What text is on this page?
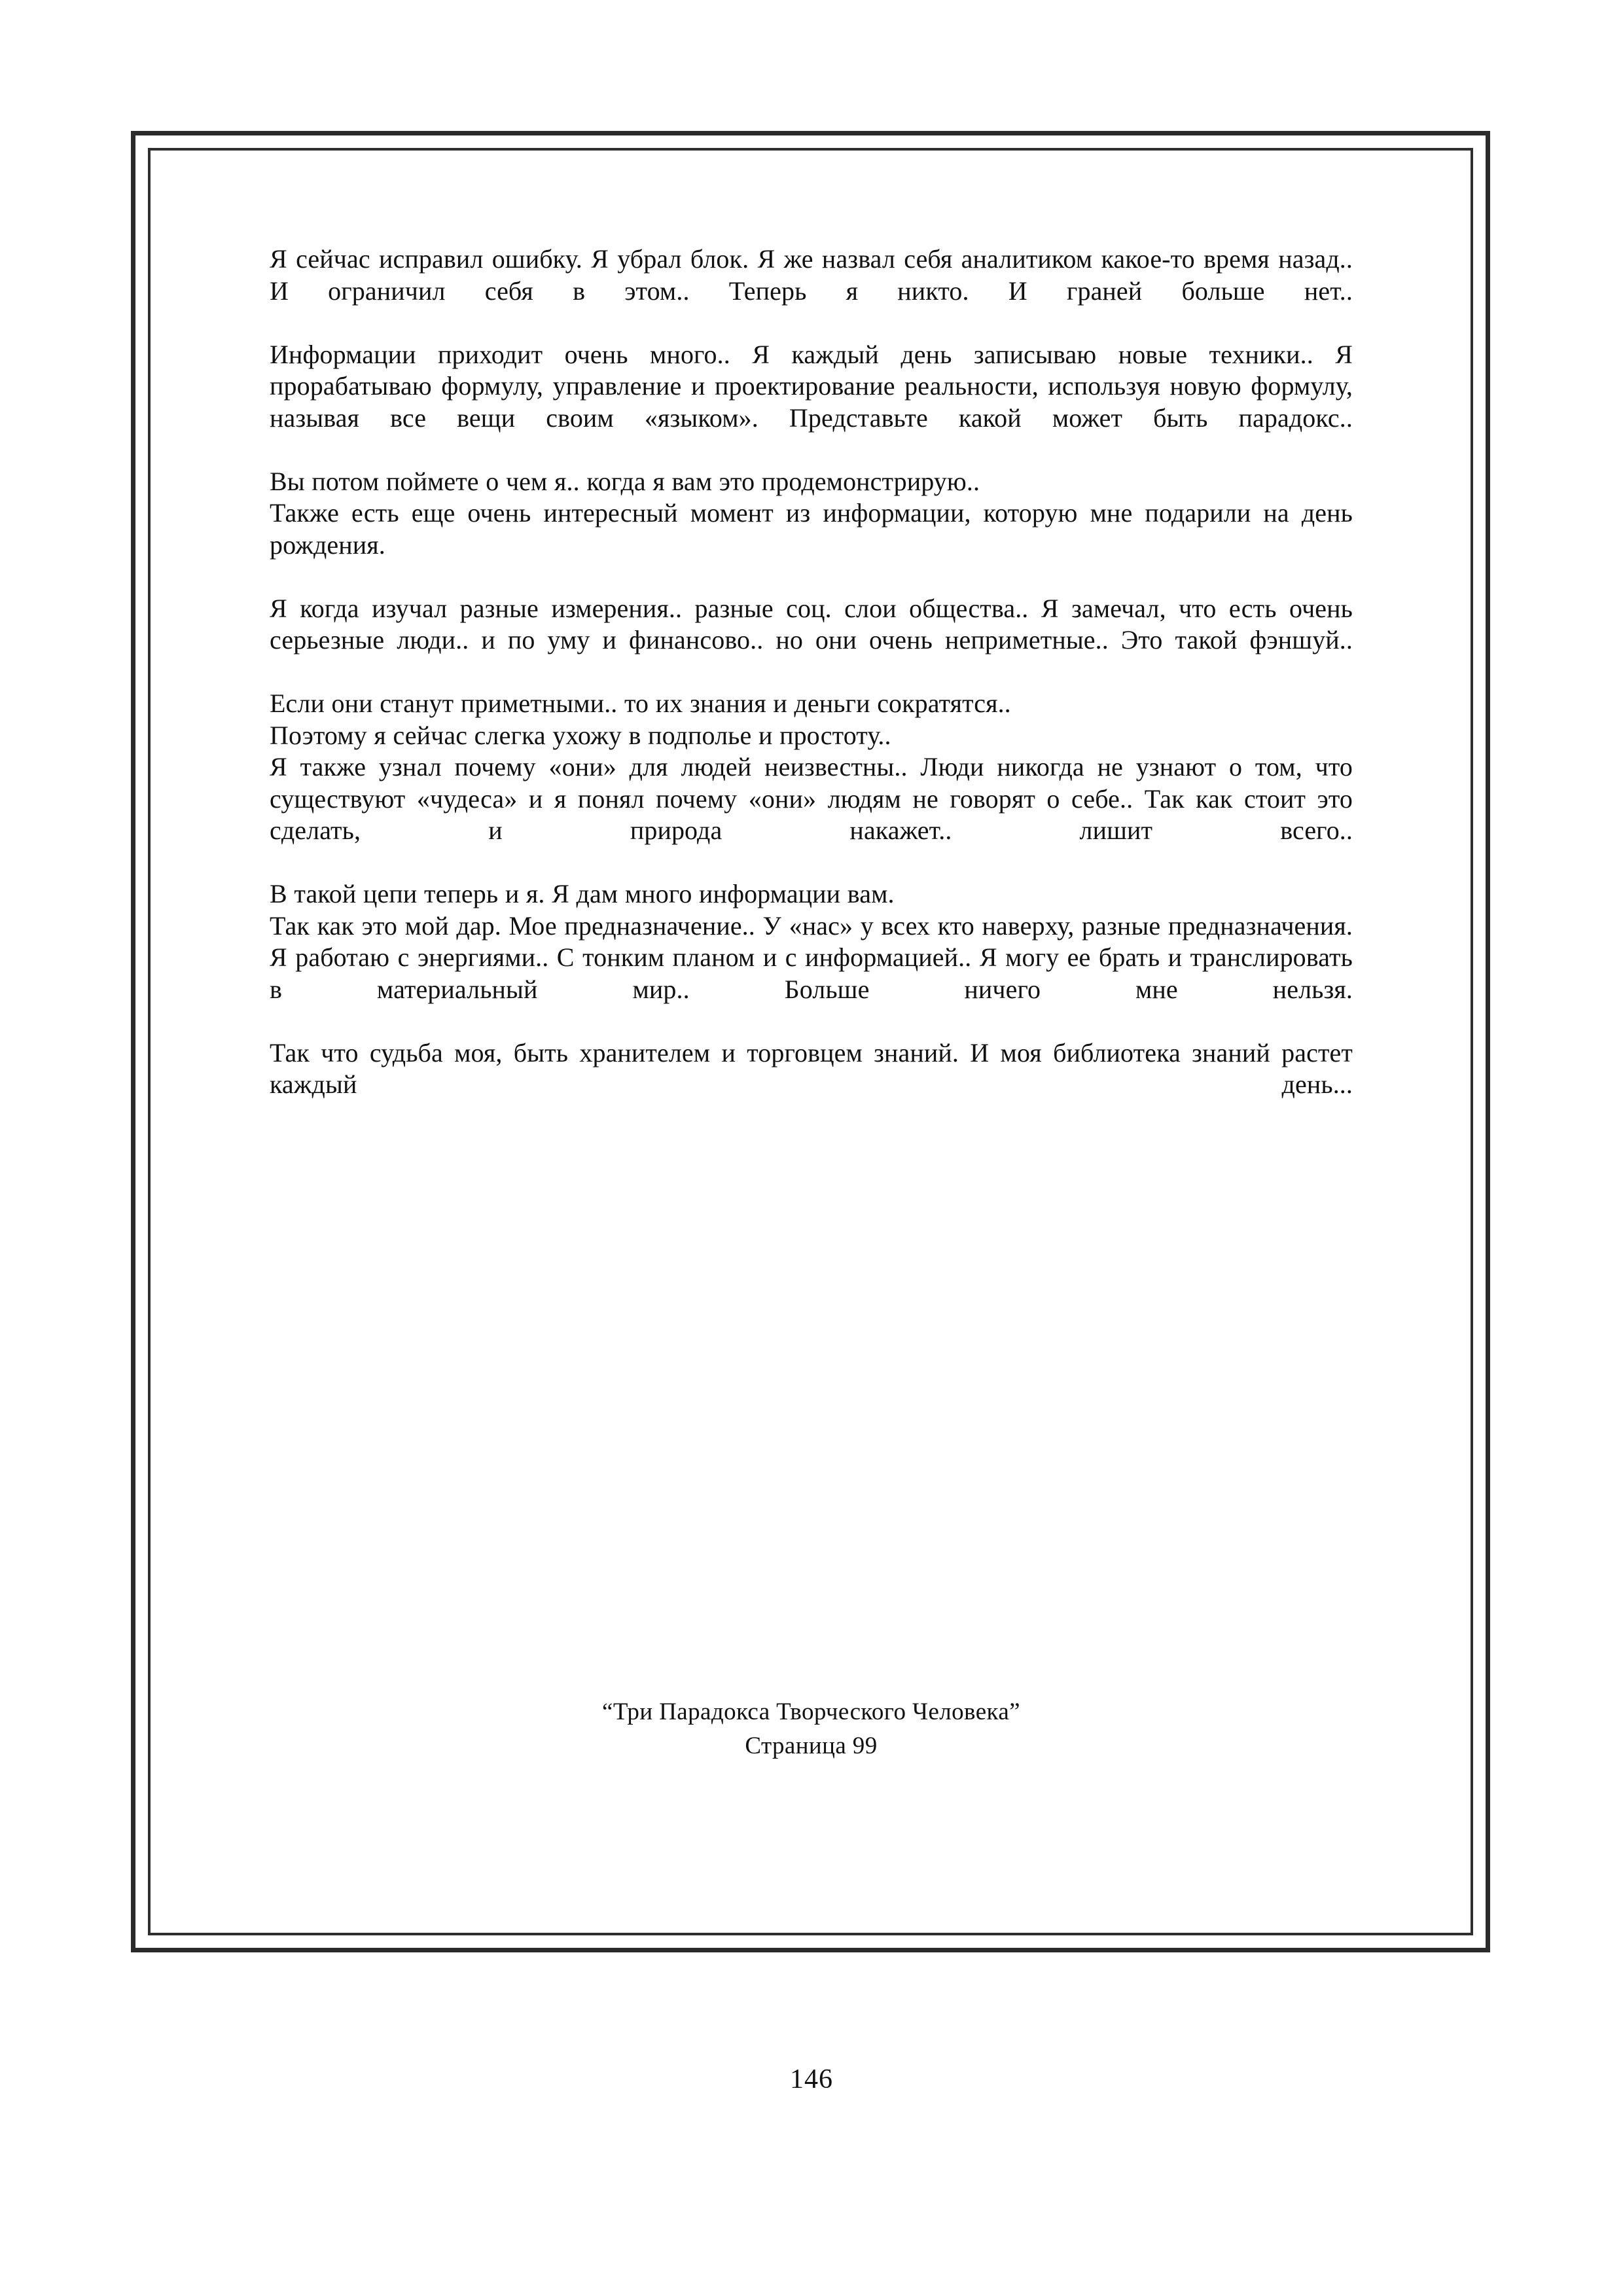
Я сейчас исправил ошибку. Я убрал блок. Я же назвал себя аналитиком какое-то время назад.. И ограничил себя в этом.. Теперь я никто. И граней больше нет..

Информации приходит очень много.. Я каждый день записываю новые техники.. Я прорабатываю формулу, управление и проектирование реальности, используя новую формулу, называя все вещи своим «языком». Представьте какой может быть парадокс..

Вы потом поймете о чем я.. когда я вам это продемонстрирую..

Также есть еще очень интересный момент из информации, которую мне подарили на день рождения.

Я когда изучал разные измерения.. разные соц. слои общества.. Я замечал, что есть очень серьезные люди.. и по уму и финансово.. но они очень неприметные.. Это такой фэншуй..

Если они станут приметными.. то их знания и деньги сократятся..

Поэтому я сейчас слегка ухожу в подполье и простоту..

Я также узнал почему «они» для людей неизвестны.. Люди никогда не узнают о том, что существуют «чудеса» и я понял почему «они» людям не говорят о себе.. Так как стоит это сделать, и природа накажет.. лишит всего..

В такой цепи теперь и я. Я дам много информации вам.

Так как это мой дар. Мое предназначение.. У «нас» у всех кто наверху, разные предназначения. Я работаю с энергиями.. С тонким планом и с информацией.. Я могу ее брать и транслировать в материальный мир.. Больше ничего мне нельзя.

Так что судьба моя, быть хранителем и торговцем знаний. И моя библиотека знаний растет каждый день...

“Три Парадокса Творческого Человека”

Страница 99

146
